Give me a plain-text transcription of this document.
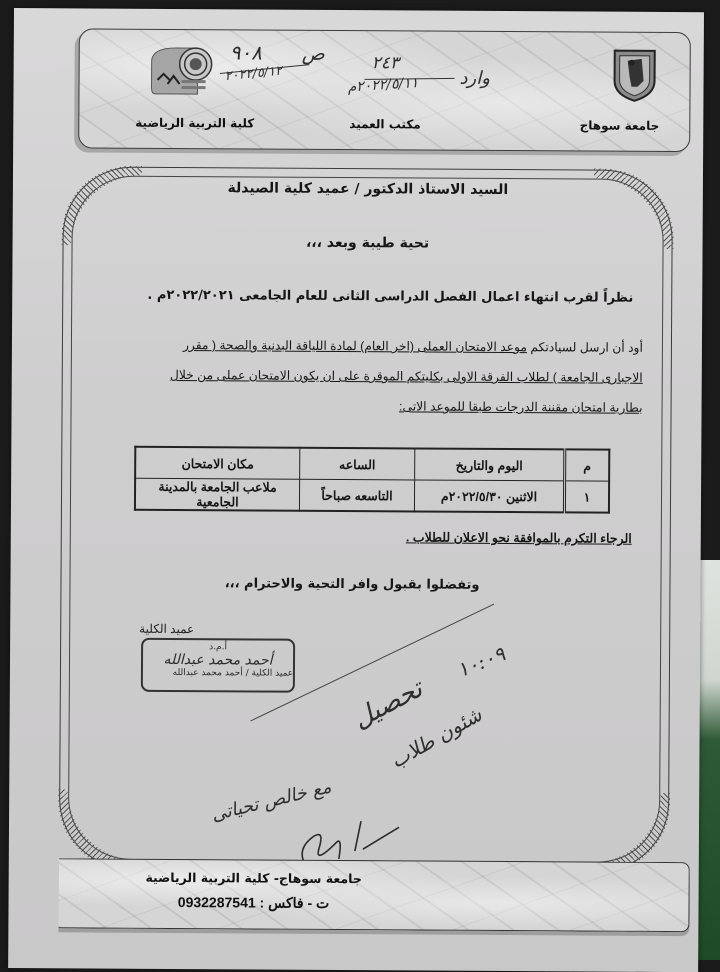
جامعة سوهاج
مكتب العميد
كلية التربية الرياضية
ص
٩٠٨
٢٠٢٢/٥/١٢	وارد
٢٤٣
٢٠٢٢/٥/١١م
السيد الاستاذ الدكتور / عميد كلية الصيدلة
تحية طيبة وبعد ،،،
نظراً لقرب انتهاء اعمال الفصل الدراسى الثانى للعام الجامعى ٢٠٢٢/٢٠٢١م .
أود أن ارسل لسيادتكم موعد الامتحان العملى (اخر العام) لمادة اللياقة البدنية والصحة ( مقرر
الاجبارى الجامعة ) لطلاب الفرقة الاولى بكليتكم الموقرة على ان يكون الامتحان عملى من خلال
بطارية امتحان مقننة الدرجات طبقا للموعد الاتى:
م	اليوم والتاريخ	الساعه	مكان الامتحان
١	الاثنين ٢٠٢٢/٥/٣٠م	التاسعه صباحاً	ملاعب الجامعة بالمدينة الجامعية
الرجاء التكرم بالموافقة نحو الاعلان للطلاب .
وتفضلوا بقبول وافر التحية والاحترام ،،،
عميد الكلية
أ.م.د
أحمد محمد عبدالله
عميد الكلية / أحمد محمد عبدالله	١٠:٠٩
تحصيل
شئون طلاب
مع خالص تحياتى
جامعة سوهاج- كلية التربية الرياضية
ت - فاكس : 0932287541
